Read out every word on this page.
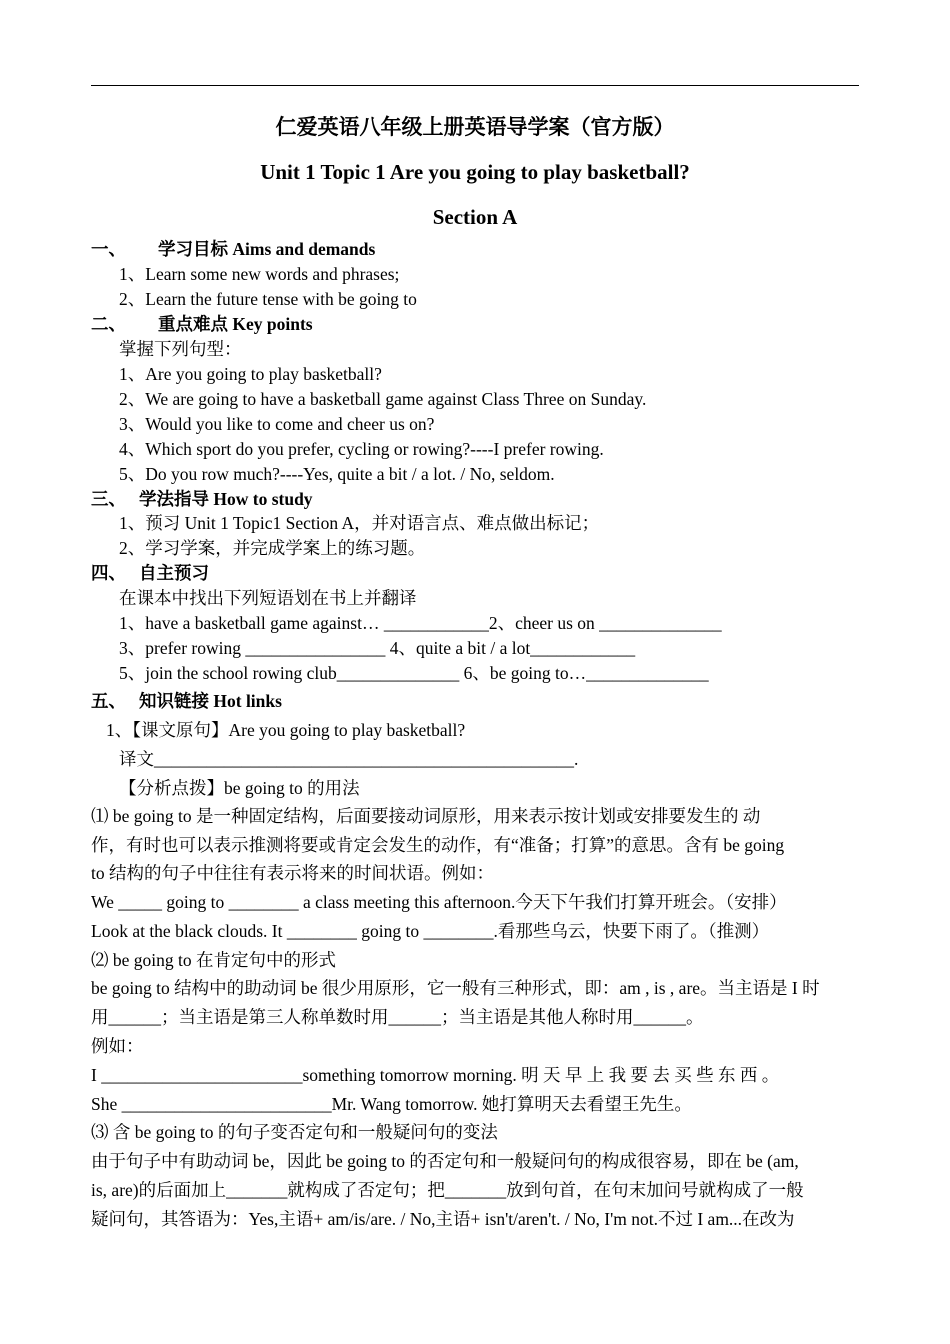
仁爱英语八年级上册英语导学案（官方版）
Unit 1 Topic 1 Are you going to play basketball?
Section A
一、 学习目标 Aims and demands
1、Learn some new words and phrases;
2、Learn the future tense with be going to
二、 重点难点 Key points
掌握下列句型：
1、Are you going to play basketball?
2、We are going to have a basketball game against Class Three on Sunday.
3、Would you like to come and cheer us on?
4、Which sport do you prefer, cycling or rowing?----I prefer rowing.
5、Do you row much?----Yes, quite a bit / a lot. / No, seldom.
三、 学法指导 How to study
1、预习 Unit 1 Topic1 Section A，并对语言点、难点做出标记；
2、学习学案，并完成学案上的练习题。
四、 自主预习
在课本中找出下列短语划在书上并翻译
1、have a basketball game against… ____________2、cheer us on ______________
3、prefer rowing ________________ 4、quite a bit / a lot____________
5、join the school rowing club______________ 6、be going to…______________
五、 知识链接 Hot links
1、【课文原句】Are you going to play basketball?
译文________________________________________________.
【分析点拨】be going to 的用法
⑴ be going to 是一种固定结构，后面要接动词原形，用来表示按计划或安排要发生的 动
作，有时也可以表示推测将要或肯定会发生的动作，有“准备；打算”的意思。含有 be going
to 结构的句子中往往有表示将来的时间状语。例如：
We _____ going to ________ a class meeting this afternoon.今天下午我们打算开班会。（安排）
Look at the black clouds. It ________ going to ________.看那些乌云，快要下雨了。（推测）
⑵ be going to 在肯定句中的形式
be going to 结构中的助动词 be 很少用原形，它一般有三种形式，即：am , is , are。当主语是 I 时
用______；当主语是第三人称单数时用______；当主语是其他人称时用______。
例如：
I _______________________something tomorrow morning. 明 天 早 上 我 要 去 买 些 东 西 。
She ________________________Mr. Wang tomorrow. 她打算明天去看望王先生。
⑶ 含 be going to 的句子变否定句和一般疑问句的变法
由于句子中有助动词 be，因此 be going to 的否定句和一般疑问句的构成很容易，即在 be (am,
is, are)的后面加上_______就构成了否定句；把_______放到句首，在句末加问号就构成了一般
疑问句，其答语为：Yes,主语+ am/is/are. / No,主语+ isn't/aren't. / No, I'm not.不过 I am...在改为
